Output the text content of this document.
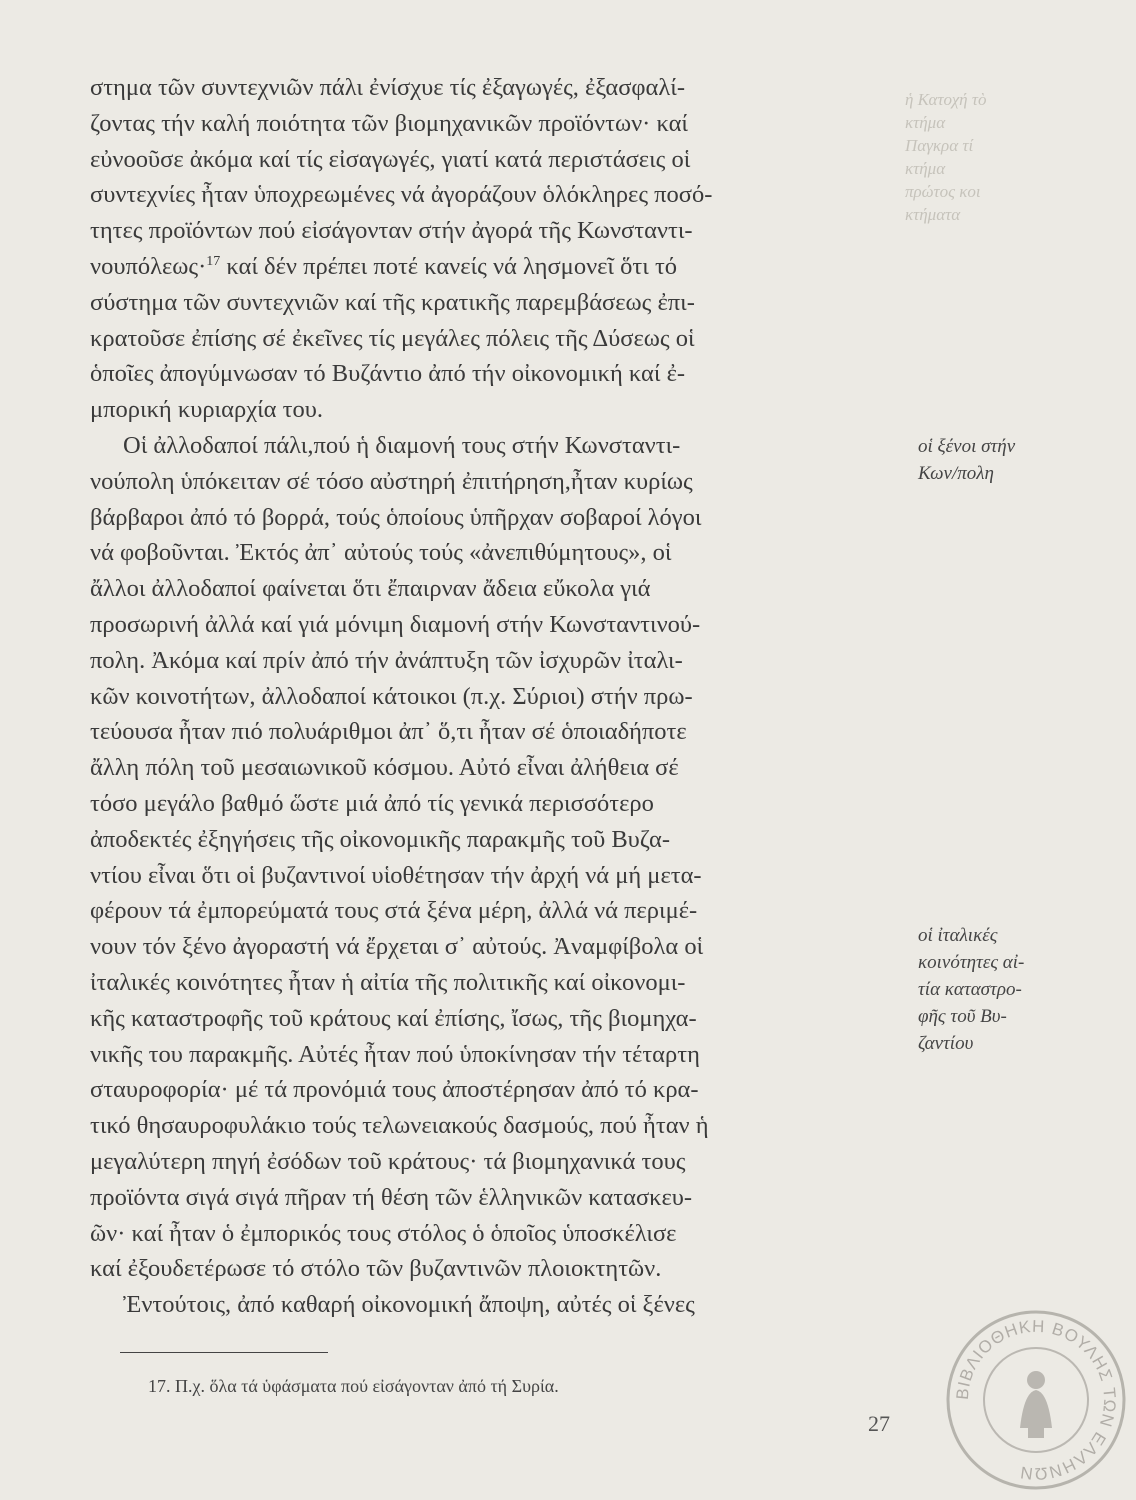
ἡ Κατοχή τὸ
κτήμα
Παγκρα τί
κτήμα
πρώτος κοι
κτήματα
στημα τῶν συντεχνιῶν πάλι ἐνίσχυε τίς ἐξαγωγές, ἐξασφαλί-
ζοντας τήν καλή ποιότητα τῶν βιομηχανικῶν προϊόντων· καί
εὐνοοῦσε ἀκόμα καί τίς εἰσαγωγές, γιατί κατά περιστάσεις οἱ
συντεχνίες ἦταν ὑποχρεωμένες νά ἀγοράζουν ὁλόκληρες ποσό-
τητες προϊόντων πού εἰσάγονταν στήν ἀγορά τῆς Κωνσταντι-
νουπόλεως·$^{17}$ καί δέν πρέπει ποτέ κανείς νά λησμονεῖ ὅτι τό
σύστημα τῶν συντεχνιῶν καί τῆς κρατικῆς παρεμβάσεως ἐπι-
κρατοῦσε ἐπίσης σέ ἐκεῖνες τίς μεγάλες πόλεις τῆς Δύσεως οἱ
ὁποῖες ἀπογύμνωσαν τό Βυζάντιο ἀπό τήν οἰκονομική καί ἐ-
μπορική κυριαρχία του.
Οἱ ἀλλοδαποί πάλι,πού ἡ διαμονή τους στήν Κωνσταντι-
νούπολη ὑπόκειταν σέ τόσο αὐστηρή ἐπιτήρηση,ἦταν κυρίως
βάρβαροι ἀπό τό βορρά, τούς ὁποίους ὑπῆρχαν σοβαροί λόγοι
νά φοβοῦνται. Ἐκτός ἀπ᾿ αὐτούς τούς «ἀνεπιθύμητους», οἱ
ἄλλοι ἀλλοδαποί φαίνεται ὅτι ἔπαιρναν ἄδεια εὔκολα γιά
προσωρινή ἀλλά καί γιά μόνιμη διαμονή στήν Κωνσταντινού-
πολη. Ἀκόμα καί πρίν ἀπό τήν ἀνάπτυξη τῶν ἰσχυρῶν ἰταλι-
κῶν κοινοτήτων, ἀλλοδαποί κάτοικοι (π.χ. Σύριοι) στήν πρω-
τεύουσα ἦταν πιό πολυάριθμοι ἀπ᾿ ὅ,τι ἦταν σέ ὁποιαδήποτε
ἄλλη πόλη τοῦ μεσαιωνικοῦ κόσμου. Αὐτό εἶναι ἀλήθεια σέ
τόσο μεγάλο βαθμό ὥστε μιά ἀπό τίς γενικά περισσότερο
ἀποδεκτές ἐξηγήσεις τῆς οἰκονομικῆς παρακμῆς τοῦ Βυζα-
ντίου εἶναι ὅτι οἱ βυζαντινοί υἱοθέτησαν τήν ἀρχή νά μή μετα-
φέρουν τά ἐμπορεύματά τους στά ξένα μέρη, ἀλλά νά περιμέ-
νουν τόν ξένο ἀγοραστή νά ἔρχεται σ᾿ αὐτούς. Ἀναμφίβολα οἱ
ἰταλικές κοινότητες ἦταν ἡ αἰτία τῆς πολιτικῆς καί οἰκονομι-
κῆς καταστροφῆς τοῦ κράτους καί ἐπίσης, ἴσως, τῆς βιομηχα-
νικῆς του παρακμῆς. Αὐτές ἦταν πού ὑποκίνησαν τήν τέταρτη
σταυροφορία· μέ τά προνόμιά τους ἀποστέρησαν ἀπό τό κρα-
τικό θησαυροφυλάκιο τούς τελωνειακούς δασμούς, πού ἦταν ἡ
μεγαλύτερη πηγή ἐσόδων τοῦ κράτους· τά βιομηχανικά τους
προϊόντα σιγά σιγά πῆραν τή θέση τῶν ἑλληνικῶν κατασκευ-
ῶν· καί ἦταν ὁ ἐμπορικός τους στόλος ὁ ὁποῖος ὑποσκέλισε
καί ἐξουδετέρωσε τό στόλο τῶν βυζαντινῶν πλοιοκτητῶν.
Ἐντούτοις, ἀπό καθαρή οἰκονομική ἄποψη, αὐτές οἱ ξένες
οἱ ξένοι στήν
Κων/πολη
οἱ ἰταλικές
κοινότητες αἰ-
τία καταστρο-
φῆς τοῦ Βυ-
ζαντίου
17. Π.χ. ὅλα τά ὑφάσματα πού εἰσάγονταν ἀπό τή Συρία.
27
ΒΙΒΛΙΟΘΗΚΗ ΒΟΥΛΗΣ ΤΩΝ ΕΛΛΗΝΩΝ
